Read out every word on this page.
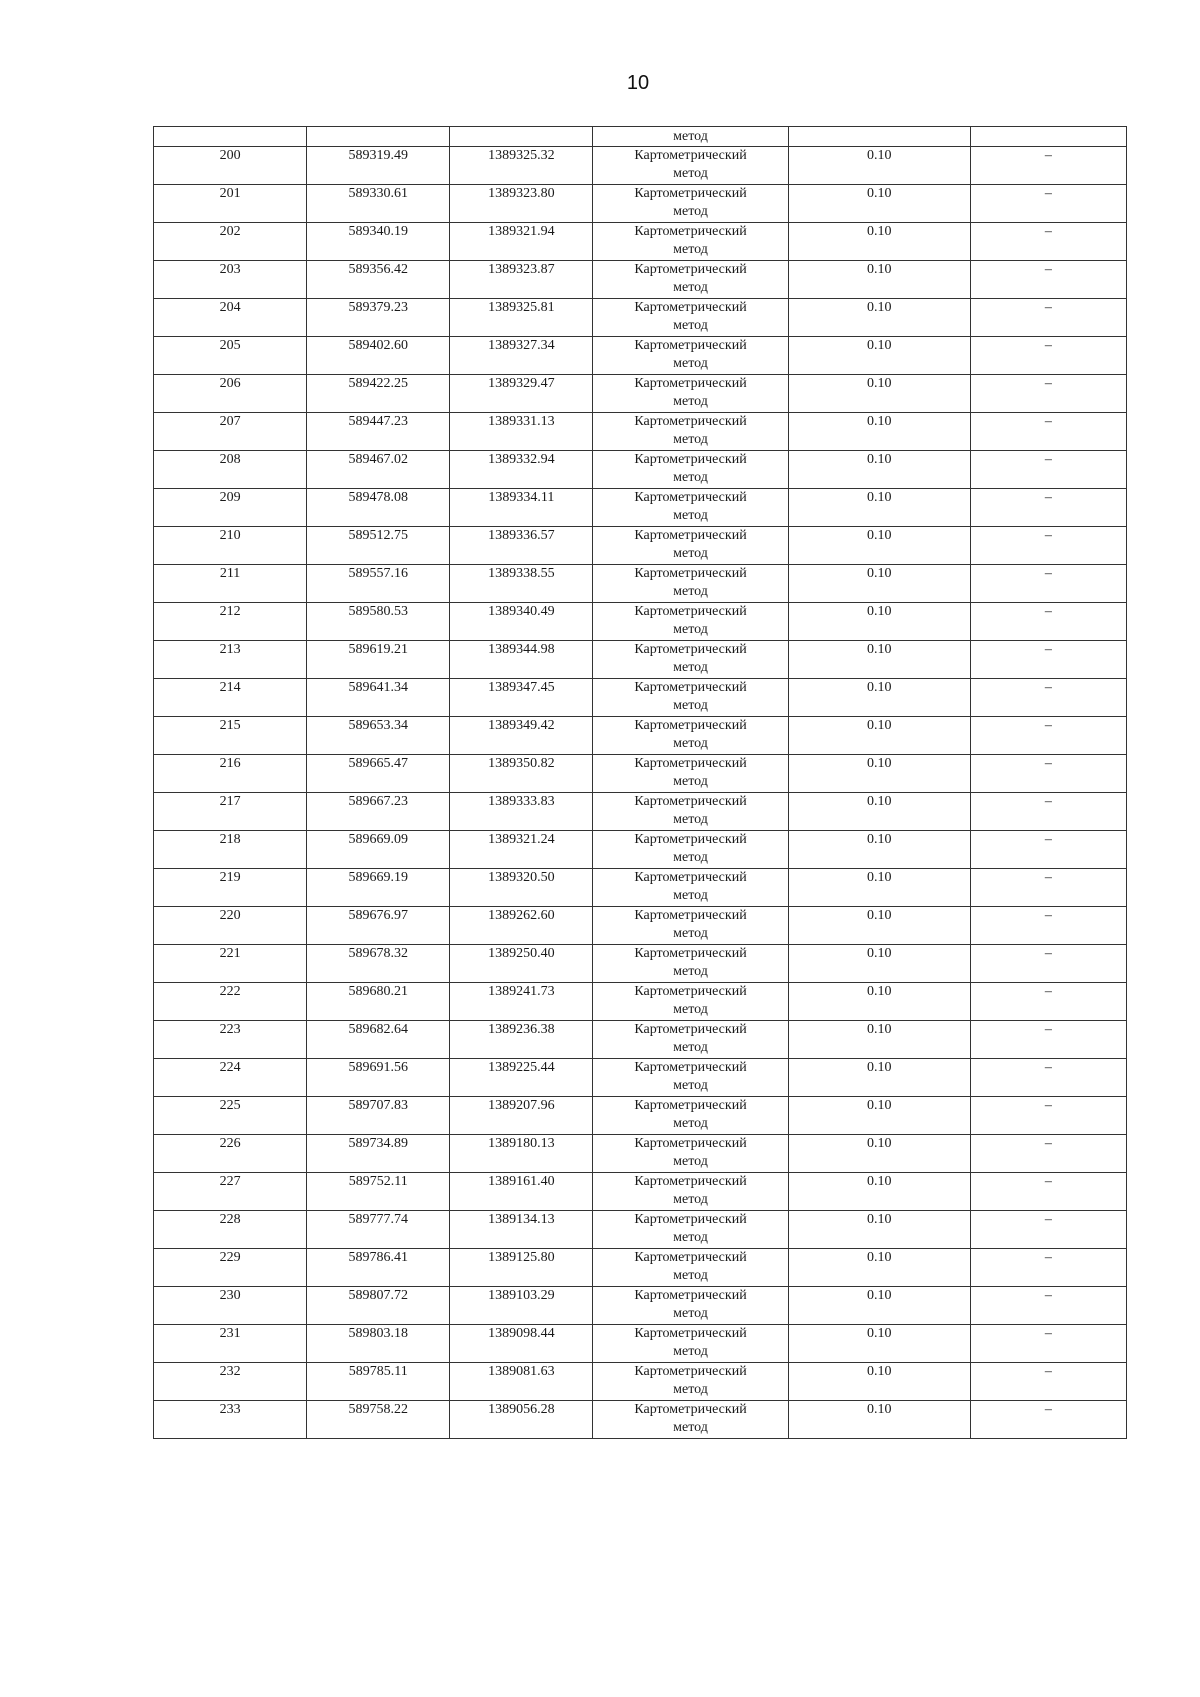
10
			метод		
200	589319.49	1389325.32	Картометрический
метод	0.10	–
201	589330.61	1389323.80	Картометрический
метод	0.10	–
202	589340.19	1389321.94	Картометрический
метод	0.10	–
203	589356.42	1389323.87	Картометрический
метод	0.10	–
204	589379.23	1389325.81	Картометрический
метод	0.10	–
205	589402.60	1389327.34	Картометрический
метод	0.10	–
206	589422.25	1389329.47	Картометрический
метод	0.10	–
207	589447.23	1389331.13	Картометрический
метод	0.10	–
208	589467.02	1389332.94	Картометрический
метод	0.10	–
209	589478.08	1389334.11	Картометрический
метод	0.10	–
210	589512.75	1389336.57	Картометрический
метод	0.10	–
211	589557.16	1389338.55	Картометрический
метод	0.10	–
212	589580.53	1389340.49	Картометрический
метод	0.10	–
213	589619.21	1389344.98	Картометрический
метод	0.10	–
214	589641.34	1389347.45	Картометрический
метод	0.10	–
215	589653.34	1389349.42	Картометрический
метод	0.10	–
216	589665.47	1389350.82	Картометрический
метод	0.10	–
217	589667.23	1389333.83	Картометрический
метод	0.10	–
218	589669.09	1389321.24	Картометрический
метод	0.10	–
219	589669.19	1389320.50	Картометрический
метод	0.10	–
220	589676.97	1389262.60	Картометрический
метод	0.10	–
221	589678.32	1389250.40	Картометрический
метод	0.10	–
222	589680.21	1389241.73	Картометрический
метод	0.10	–
223	589682.64	1389236.38	Картометрический
метод	0.10	–
224	589691.56	1389225.44	Картометрический
метод	0.10	–
225	589707.83	1389207.96	Картометрический
метод	0.10	–
226	589734.89	1389180.13	Картометрический
метод	0.10	–
227	589752.11	1389161.40	Картометрический
метод	0.10	–
228	589777.74	1389134.13	Картометрический
метод	0.10	–
229	589786.41	1389125.80	Картометрический
метод	0.10	–
230	589807.72	1389103.29	Картометрический
метод	0.10	–
231	589803.18	1389098.44	Картометрический
метод	0.10	–
232	589785.11	1389081.63	Картометрический
метод	0.10	–
233	589758.22	1389056.28	Картометрический
метод	0.10	–
